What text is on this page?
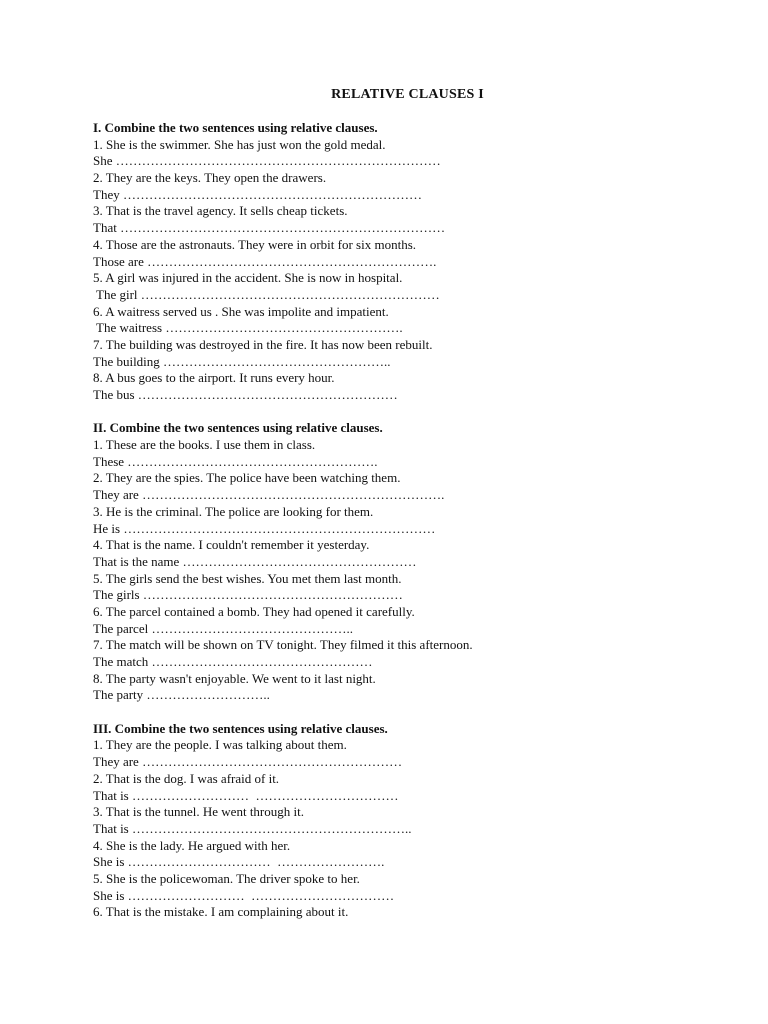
RELATIVE CLAUSES I
I. Combine the two sentences using relative clauses.
1. She is the swimmer. She has just won the gold medal.
She …………………………………………………………………
2. They are the keys. They open the drawers.
They ……………………………………………………………
3. That is the travel agency. It sells cheap tickets.
That …………………………………………………………………
4. Those are the astronauts. They were in orbit for six months.
Those are ………………………………………………………….
5. A girl was injured in the accident. She is now in hospital.
The girl ……………………………………………………………
6. A waitress served us . She was impolite and impatient.
The waitress ……………………………………………….
7. The building was destroyed in the fire. It has now been rebuilt.
The building ……………………………………………..
8. A bus goes to the airport. It runs every hour.
The bus ……………………………………………………
II. Combine the two sentences using relative clauses.
1. These are the books. I use them in class.
These ………………………………………………….
2. They are the spies. The police have been watching them.
They are …………………………………………………………….
3. He is the criminal. The police are looking for them.
He is ………………………………………………………………
4. That is the name. I couldn't remember it yesterday.
That is the name ………………………………………………
5. The girls send the best wishes. You met them last month.
The girls ……………………………………………………
6. The parcel contained a bomb. They had opened it carefully.
The parcel ………………………………………..
7. The match will be shown on TV tonight. They filmed it this afternoon.
The match ……………………………………………
8. The party wasn't enjoyable. We went to it last night.
The party ………………………..
III. Combine the two sentences using relative clauses.
1. They are the people. I was talking about them.
They are ……………………………………………………
2. That is the dog. I was afraid of it.
That is ………………………  ……………………………
3. That is the tunnel. He went through it.
That is ………………………………………………………..
4. She is the lady. He argued with her.
She is ……………………………  …………………….
5. She is the policewoman. The driver spoke to her.
She is ………………………  ……………………………
6. That is the mistake. I am complaining about it.
